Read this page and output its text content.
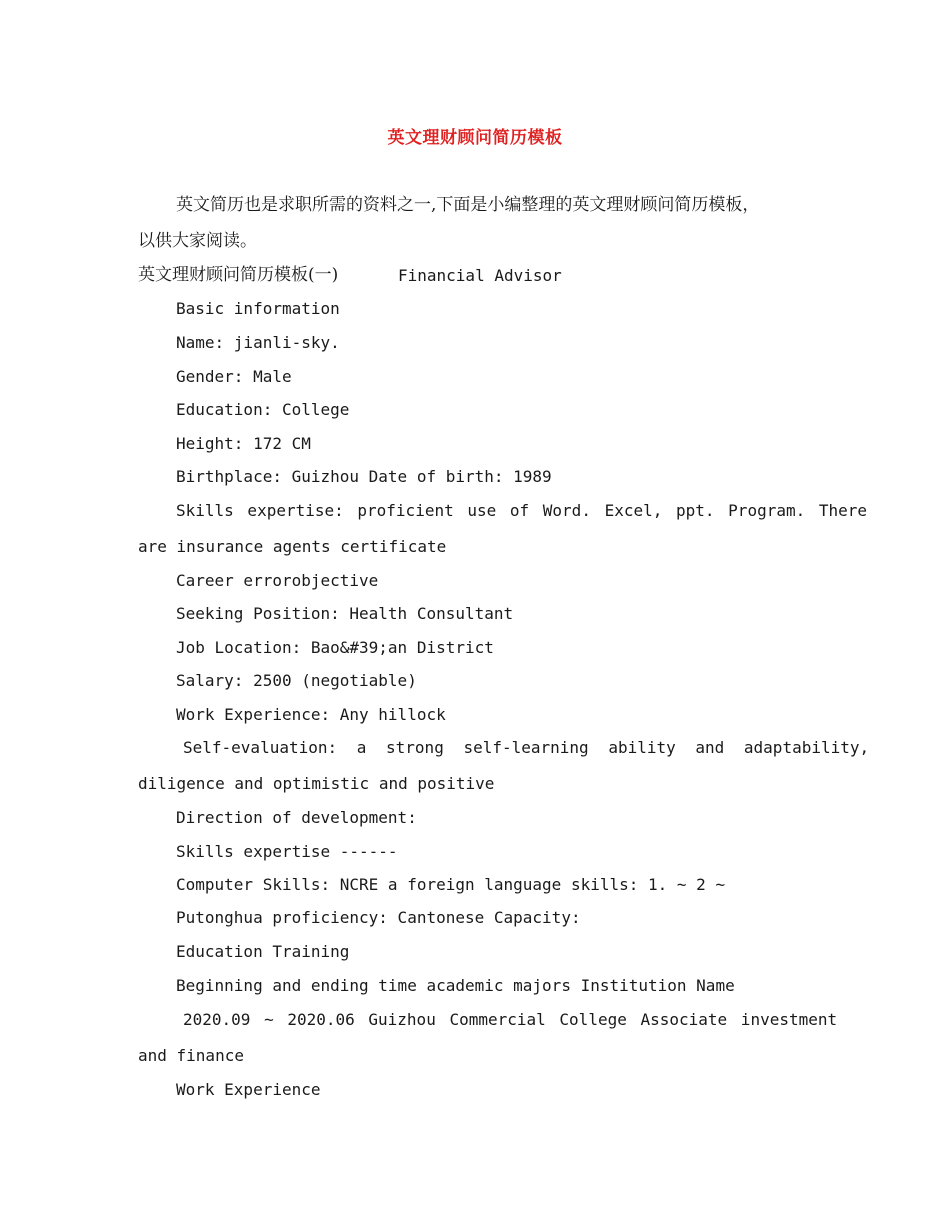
英文理财顾问简历模板
英文简历也是求职所需的资料之一,下面是小编整理的英文理财顾问简历模板，
以供大家阅读。
英文理财顾问简历模板(一)	Financial Advisor
Basic information
Name: jianli-sky.
Gender: Male
Education: College
Height: 172 CM
Birthplace: Guizhou Date of birth: 1989
Skills expertise: proficient use of Word. Excel, ppt. Program. There
are insurance agents certificate
Career errorobjective
Seeking Position: Health Consultant
Job Location: Bao&#39;an District
Salary: 2500 (negotiable)
Work Experience: Any hillock
Self-evaluation: a strong self-learning ability and adaptability,
diligence and optimistic and positive
Direction of development:
Skills expertise ------
Computer Skills: NCRE a foreign language skills: 1. ~ 2 ~
Putonghua proficiency: Cantonese Capacity:
Education Training
Beginning and ending time academic majors Institution Name
2020.09 ~ 2020.06 Guizhou Commercial College Associate investment
and finance
Work Experience
